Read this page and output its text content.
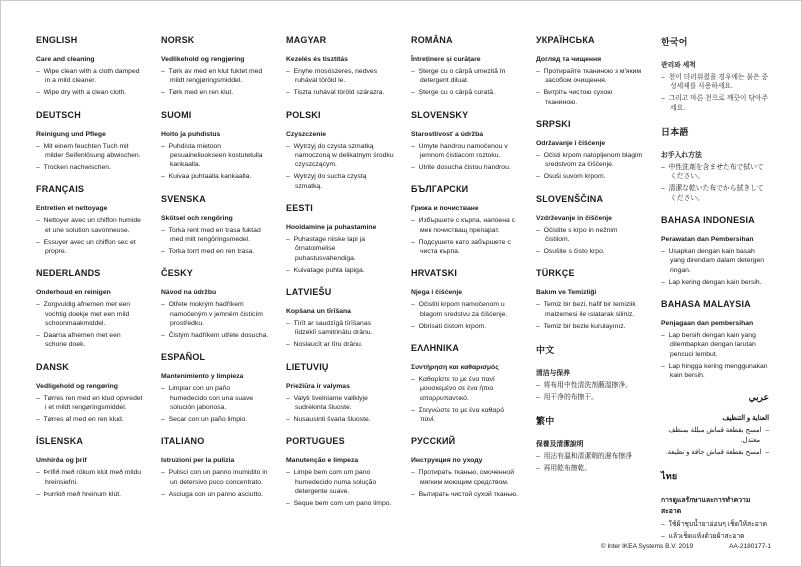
ENGLISH
Care and cleaning
–  Wipe clean with a cloth damped in a mild cleaner.
–  Wipe dry with a clean cloth.
DEUTSCH
Reinigung und Pflege
–  Mit einem feuchten Tuch mit milder Seifenlösung abwischen.
–  Trocken nachwischen.
FRANÇAIS
Entretien et nettoyage
–  Nettoyer avec un chiffon humide et une solution savonneuse.
–  Essuyer avec un chiffon sec et propre.
NEDERLANDS
Onderhoud en reinigen
–  Zorgvuldig afnemen met een vochtig doekje met een mild schoonmaakmiddel.
–  Daarna afnemen met een schone doek.
DANSK
Vedligehold og rengøring
–  Tørres ren med en klud opvredet i et mildt rengøringsmiddel.
–  Tørres af med en ren klud.
ÍSLENSKA
Umhirða og þrif
–  Þrífið með rökum klút með mildu hreinsiefni.
–  Þurrkið með hreinum klút.
NORSK
Vedlikehold og rengjøring
–  Tørk av med en klut fuktet med mildt rengjøringsmiddel.
–  Tørk med en ren klut.
SUOMI
Hoito ja puhdistus
–  Puhdista mietoon pesuaineliuokseen kostutetulla kankaalla.
–  Kuivaa puhtaalla kankaalla.
SVENSKA
Skötsel och rengöring
–  Torka rent med en trasa fuktad med milt rengöringsmedel.
–  Torka torrt med en ren trasa.
ČESKY
Návod na údržbu
–  Otřete mokrým hadříkem namočeným v jemném čisticím prostředku.
–  Čistým hadříkem utřete dosucha.
ESPAÑOL
Mantenimiento y limpieza
–  Limpiar con un paño humedecido con una suave solución jabonosa.
–  Secar con un paño limpio.
ITALIANO
Istruzioni per la pulizia
–  Pulisci con un panno inumidito in un detersivo poco concentrato.
–  Asciuga con un panno asciutto.
MAGYAR
Kezelés és tisztítás
–  Enyhe mosószeres, nedves ruhával töröld le.
–  Tiszta ruhával töröld szárazra.
POLSKI
Czyszczenie
–  Wytrzyj do czysta szmatką namoczoną w delikatnym środku czyszczącym.
–  Wytrzyj do sucha czystą szmatką.
EESTI
Hooldamine ja puhastamine
–  Puhastage niiske lapi ja õrnatoimelise puhastusvahendiga.
–  Kuivatage puhta lapiga.
LATVIEŠU
Kopšana un tīrīšana
–  Tīrīt ar saudzīgā tīrīšanas līdzeklī samitrinātu drānu.
–  Noslaucīt ar tīru drānu.
LIETUVIŲ
Priežiūra ir valymas
–  Valyti švelniame valiklyje sudrėkinta šluoste.
–  Nusausinti švaria šluoste.
PORTUGUES
Manutenção e limpeza
–  Limpe bem com um pano humedecido numa solução detergente suave.
–  Seque bem com um pano limpo.
ROMÂNA
Întreținere și curățare
–  Șterge cu o cârpă umezită în detergent diluat.
–  Șterge cu o cârpă curată.
SLOVENSKY
Starostlivosť a údržba
–  Umyte handrou namočenou v jemnom čistiacom roztoku.
–  Utrite dosucha čistou handrou.
БЪЛГАРСКИ
Грижа и почистване
–  Избършете с кърпа, напоена с мек почистващ препарат.
–  Подсушете като забършете с чиста кърпа.
HRVATSKI
Njega i čišćenje
–  Očistiti krpom namočenom u blagom sredstvu za čišćenje.
–  Obrisati čistom krpom.
ΕΛΛΗΝΙΚΑ
Συντήρηση και καθαρισμός
–  Καθαρίστε το με ένα πανί μουσκεμένο σε ένα ήπιο απορρυπαντικό.
–  Στεγνώστε το με ένα καθαρό πανί.
РУССКИЙ
Инструкция по уходу
–  Протирать тканью, смоченной мягким моющим средством.
–  Вытирать чистой сухой тканью.
УКРАЇНСЬКА
Догляд та чищення
–  Протирайте тканиною з м'яким засобом очищення.
–  Витріть чистою сухою тканиною.
SRPSKI
Održavanje i čišćenje
–  Očisti krpom natopljenom blagim sredstvom za čišćenje.
–  Osuši suvom krpom.
SLOVENŠČINA
Vzdrževanje in čiščenje
–  Očistite s krpo in nežnim čistilom.
–  Osušite s čisto krpo.
TÜRKÇE
Bakım ve Temizliği
–  Temiz bir bezi, hafif bir temizlik malzemesi ile ıslatarak siliniz.
–  Temiz bir bezle kurulayınız.
中文
清洁与保养
–  将布用中性清洗剂蘸湿擦净。
–  用干净的布擦干。
繁中
保養及清潔說明
–  用沾有溫和清潔劑的濕布擦淨
–  再用乾布擦乾。
한국어
관리와 세척
–  천이 더러워졌을 경우에는 묽은 중성세제를 사용하세요.
–  그리고 마른 천으로 깨끗이 닦아주세요.
日本語
お手入れ方法
–  中性洗剤を含ませた布で拭いてください。
–  清潔な乾いた布でから拭きしてください。
BAHASA INDONESIA
Perawatan dan Pembersihan
–  Usapkan dengan kain basah yang direndam dalam detergen ringan.
–  Lap kering dengan kain bersih.
BAHASA MALAYSIA
Penjagaan dan pembersihan
–  Lap bersih dengan kain yang dilembapkan dengan larutan pencuci lembut.
–  Lap hingga kering menggunakan kain bersih.
عربي
العناية و التنظيف
–  امسح بقطعة قماش مبللة بمنظف معتدل.
–  امسح بقطعة قماش جافة و نظيفة.
ไทย
การดูแลรักษาและการทำความสะอาด
–  ใช้ผ้าชุบน้ำยาอ่อนๆ เช็ดให้สะอาด
–  แล้วเช็ดแห้งด้วยผ้าสะอาด
© Inter IKEA Systems B.V. 2019	AA-2180177-1
